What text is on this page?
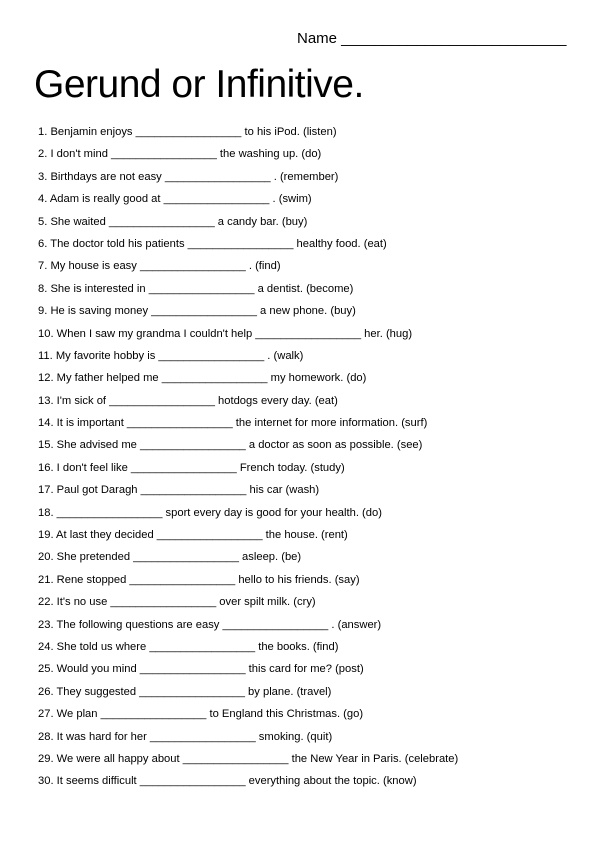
Name ___________________________
Gerund or Infinitive.
1. Benjamin enjoys _________________ to his iPod. (listen)
2. I don't mind _________________ the washing up. (do)
3. Birthdays are not easy _________________ . (remember)
4. Adam is really good at _________________ . (swim)
5. She waited _________________ a candy bar. (buy)
6. The doctor told his patients _________________ healthy food. (eat)
7. My house is easy _________________ . (find)
8. She is interested in _________________ a dentist. (become)
9. He is saving money _________________ a new phone. (buy)
10. When I saw my grandma I couldn't help _________________ her. (hug)
11. My favorite hobby is _________________ . (walk)
12. My father helped me _________________ my homework. (do)
13. I'm sick of _________________ hotdogs every day. (eat)
14. It is important _________________ the internet for more information. (surf)
15. She advised me _________________ a doctor as soon as possible. (see)
16. I don't feel like _________________ French today. (study)
17. Paul got Daragh _________________ his car (wash)
18. _________________ sport every day is good for your health. (do)
19. At last they decided _________________ the house. (rent)
20. She pretended _________________ asleep. (be)
21. Rene stopped _________________ hello to his friends. (say)
22. It's no use _________________ over spilt milk. (cry)
23. The following questions are easy _________________ . (answer)
24. She told us where _________________ the books. (find)
25. Would you mind _________________ this card for me? (post)
26. They suggested _________________ by plane. (travel)
27. We plan _________________ to England this Christmas. (go)
28. It was hard for her _________________ smoking. (quit)
29. We were all happy about _________________ the New Year in Paris. (celebrate)
30. It seems difficult _________________ everything about the topic. (know)
